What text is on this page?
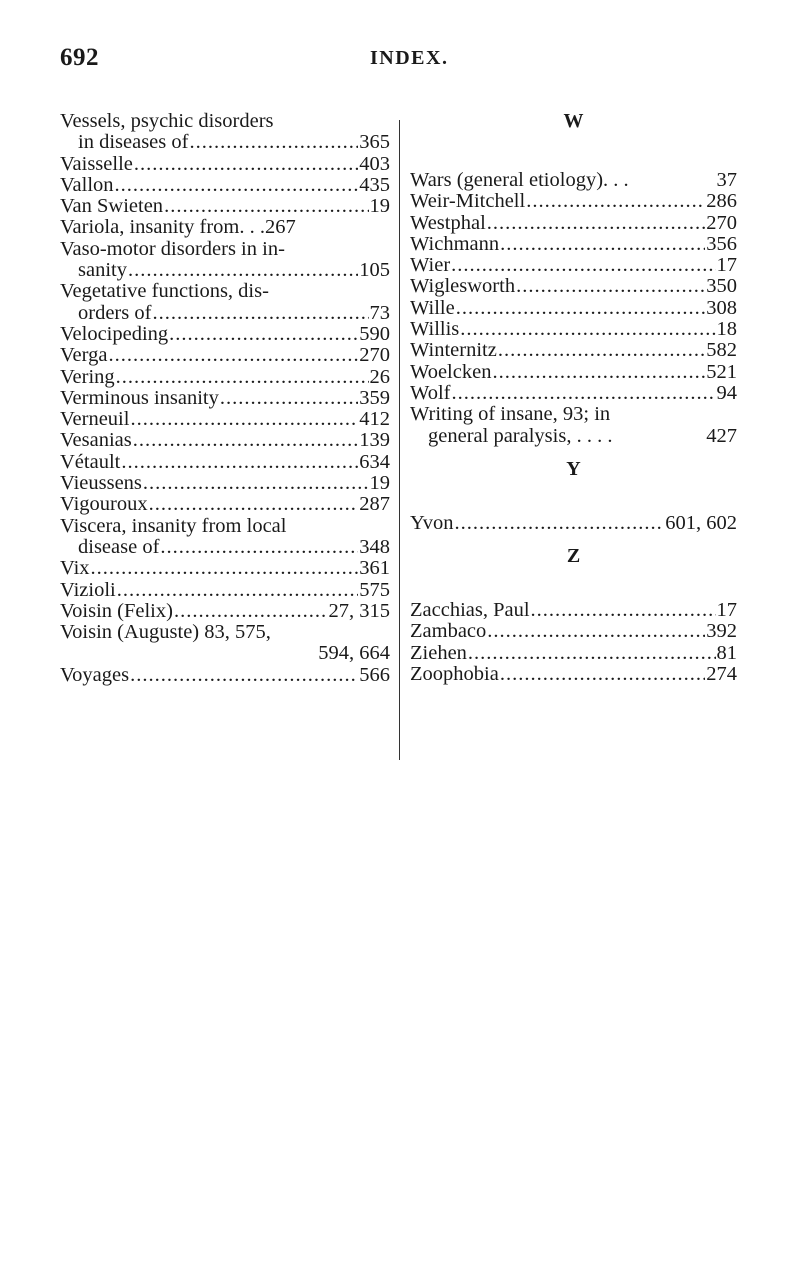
692	INDEX.
Vessels, psychic disorders
in diseases of .....	365
Vaisselle .....	403
Vallon .....	435
Van Swieten .....	19
Variola, insanity from. . . 267
Vaso-motor disorders in in-
sanity .....	105
Vegetative functions, dis-
orders of .....	73
Velocipeding .....	590
Verga .....	270
Vering .....	26
Verminous insanity .....	359
Verneuil .....	412
Vesanias .....	139
Vétault .....	634
Vieussens .....	19
Vigouroux .....	287
Viscera, insanity from local
disease of .....	348
Vix .....	361
Vizioli .....	575
Voisin (Felix) .....	27, 315
Voisin (Auguste) 83, 575,
594, 664
Voyages .....	566
W
Wars (general etiology). . .	37
Weir-Mitchell .....	286
Westphal .....	270
Wichmann .....	356
Wier .....	17
Wiglesworth .....	350
Wille .....	308
Willis .....	18
Winternitz .....	582
Woelcken .....	521
Wolf .....	94
Writing of insane, 93; in
general paralysis, . . . .	427
Y
Yvon .....	601, 602
Z
Zacchias, Paul .....	17
Zambaco .....	392
Ziehen .....	81
Zoophobia .....	274
